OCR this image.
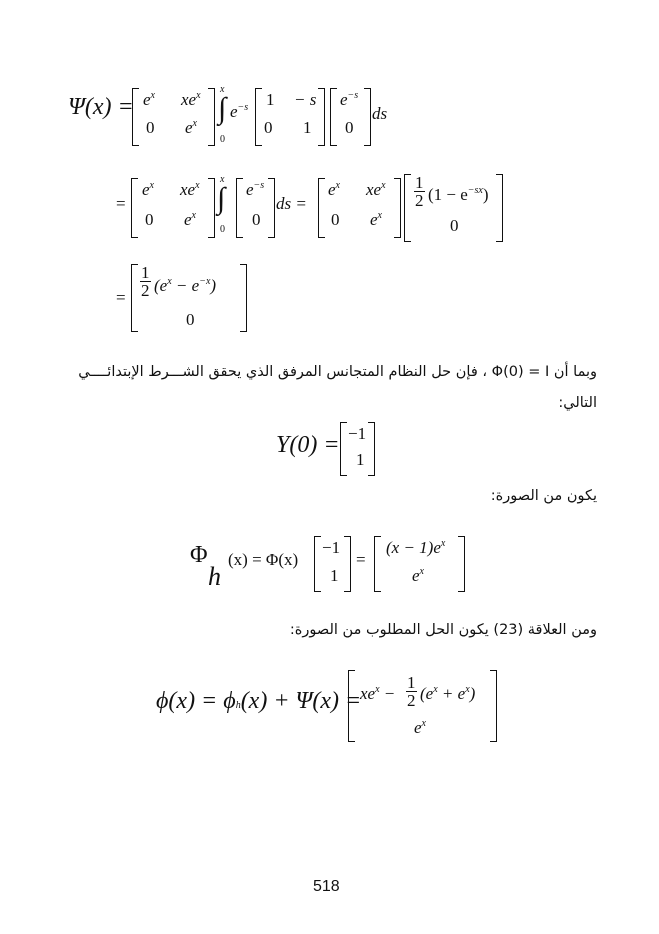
$\Psi(x) = e^x$ $xe^x$
0 $e^x$
x
∫
0
$e^{-s}$ 1 − s
0 1
$e^{-s}$
0
ds
=
$e^x$ $xe^x$
0 $e^x$
x
∫
0
$e^{-s}$
0
ds =
$e^x$ $xe^x$
0 $e^x$
$\frac{1}{2} (1 - e^{-sx})$
0
= $\frac{1}{2} (e^x - e^{-x})$
0
وبما أن Φ(0) = I ، فإن حل النظام المتجانس المرفق الذي يحقق الشـــرط الإبتدائــــي
التالي:
Y(0) = −1
1
يكون من الصورة:
Φ
h
(x) = Φ(x)
−1
1
=
$(x - 1)e^x$
$e^x$
ومن العلاقة (23) يكون الحل المطلوب من الصورة:
ϕ(x) = ϕh(x) + Ψ(x) =
$xe^x - \frac{1}{2} (e^x + e^x)$
$e^x$
518
